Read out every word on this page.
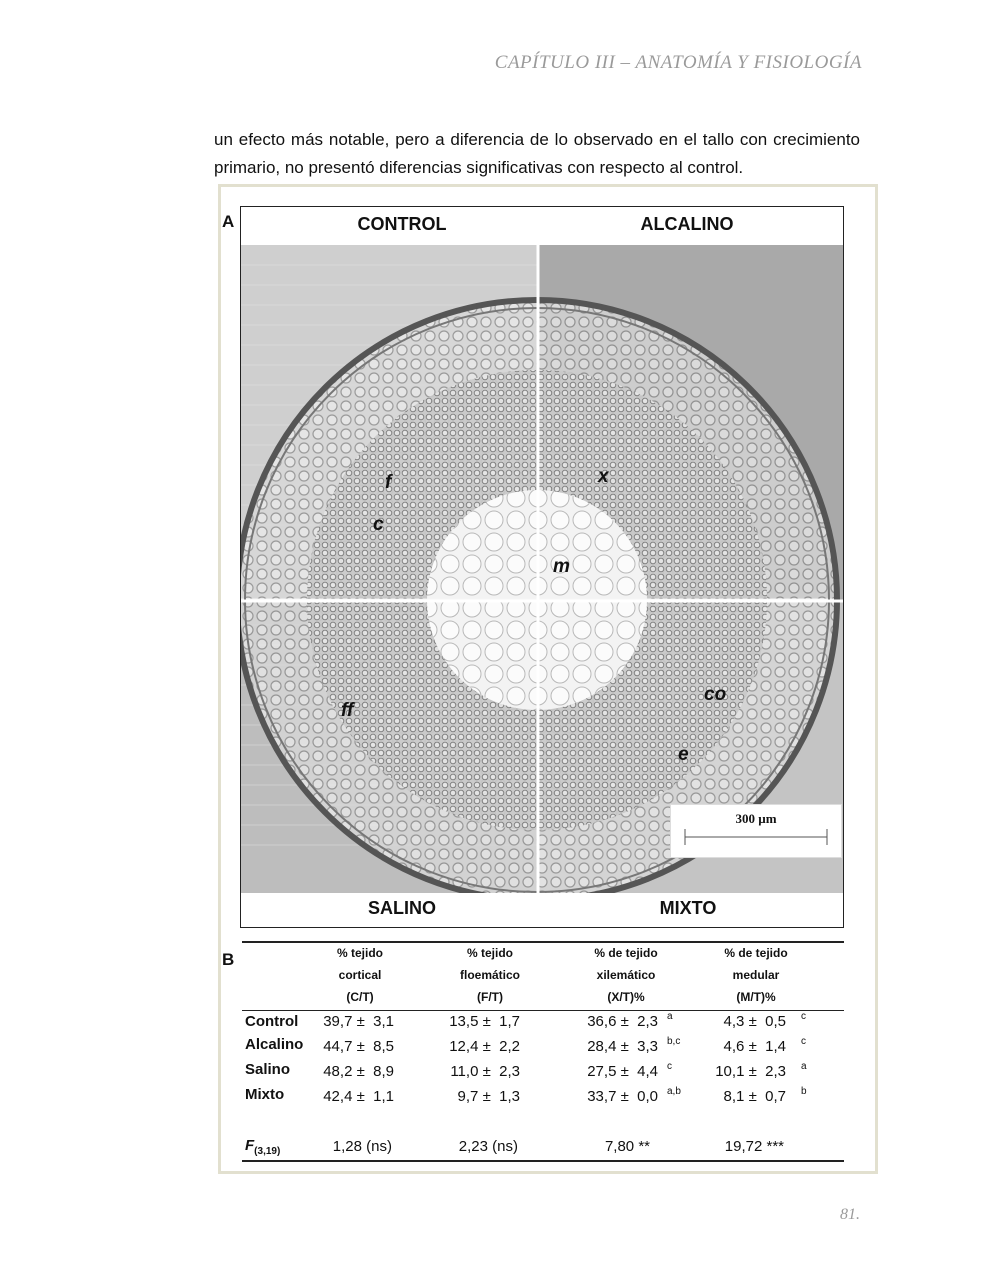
CAPÍTULO III – ANATOMÍA Y FISIOLOGÍA
un efecto más notable, pero a diferencia de lo observado en el tallo con crecimiento primario, no presentó diferencias significativas con respecto al control.
A	CONTROL	ALCALINO
SALINO	MIXTO
f
c
x
m
ff
co
e
300 µm
B	% tejido
cortical
(C/T)
% tejido
floemático
(F/T)
% de tejido
xilemático
(X/T)%
% de tejido
medular
(M/T)%
Control	39,7 ±  3,1	13,5 ±  1,7	36,6 ±  2,3 a	4,3 ±  0,5 c
Alcalino	44,7 ±  8,5	12,4 ±  2,2	28,4 ±  3,3 b,c	4,6 ±  1,4 c
Salino	48,2 ±  8,9	11,0 ±  2,3	27,5 ±  4,4 c	10,1 ±  2,3 a
Mixto	42,4 ±  1,1	9,7 ±  1,3	33,7 ±  0,0 a,b	8,1 ±  0,7 b
$F_{(3,19)}$	1,28 (ns)	2,23 (ns)	7,80 **	19,72 ***
81.
